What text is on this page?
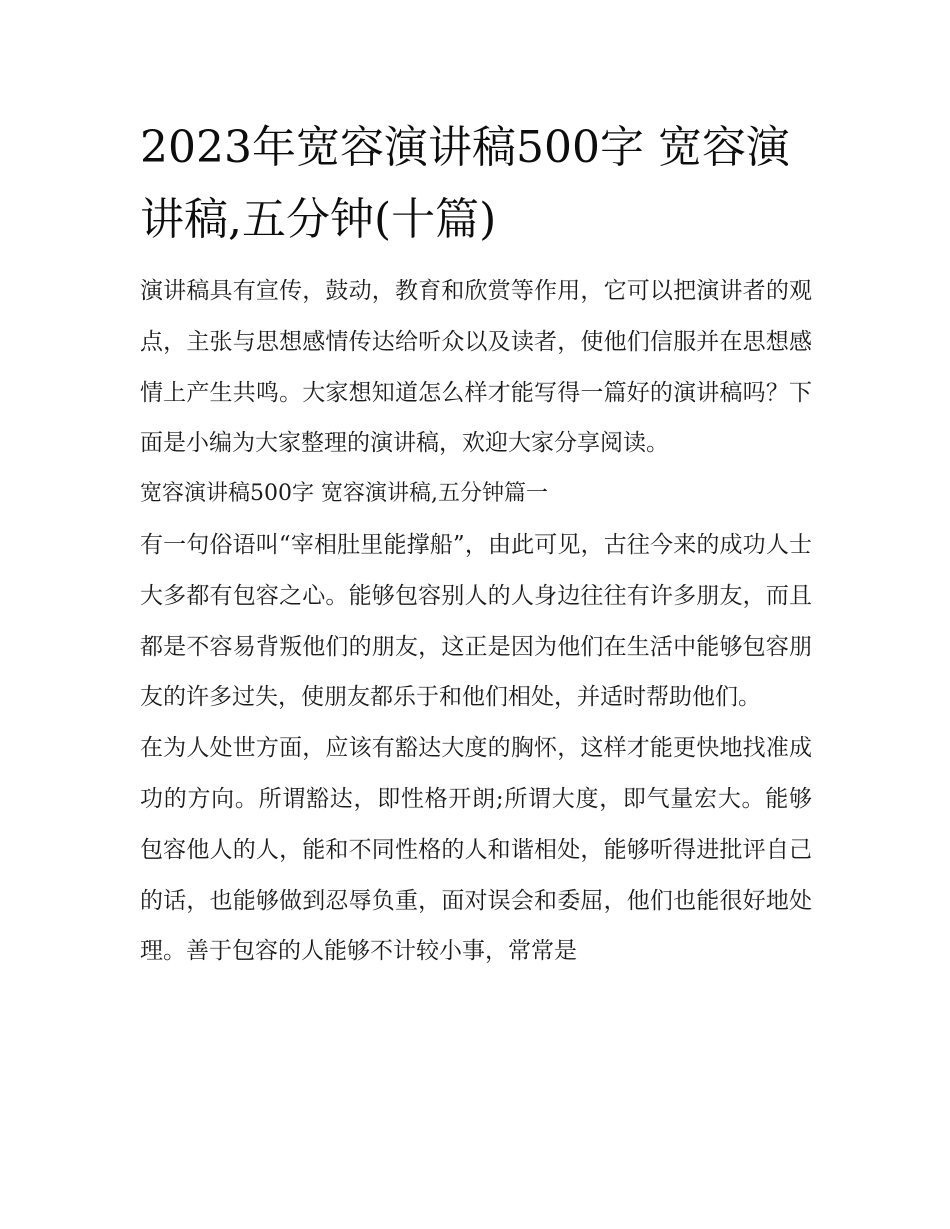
2023年宽容演讲稿500字 宽容演讲稿,五分钟(十篇)

演讲稿具有宣传，鼓动，教育和欣赏等作用，它可以把演讲者的观点，主张与思想感情传达给听众以及读者，使他们信服并在思想感情上产生共鸣。大家想知道怎么样才能写得一篇好的演讲稿吗？下面是小编为大家整理的演讲稿，欢迎大家分享阅读。

宽容演讲稿500字 宽容演讲稿,五分钟篇一

有一句俗语叫“宰相肚里能撑船”，由此可见，古往今来的成功人士大多都有包容之心。能够包容别人的人身边往往有许多朋友，而且都是不容易背叛他们的朋友，这正是因为他们在生活中能够包容朋友的许多过失，使朋友都乐于和他们相处，并适时帮助他们。

在为人处世方面，应该有豁达大度的胸怀，这样才能更快地找准成功的方向。所谓豁达，即性格开朗;所谓大度，即气量宏大。能够包容他人的人，能和不同性格的人和谐相处，能够听得进批评自己的话，也能够做到忍辱负重，面对误会和委屈，他们也能很好地处理。善于包容的人能够不计较小事，常常是
